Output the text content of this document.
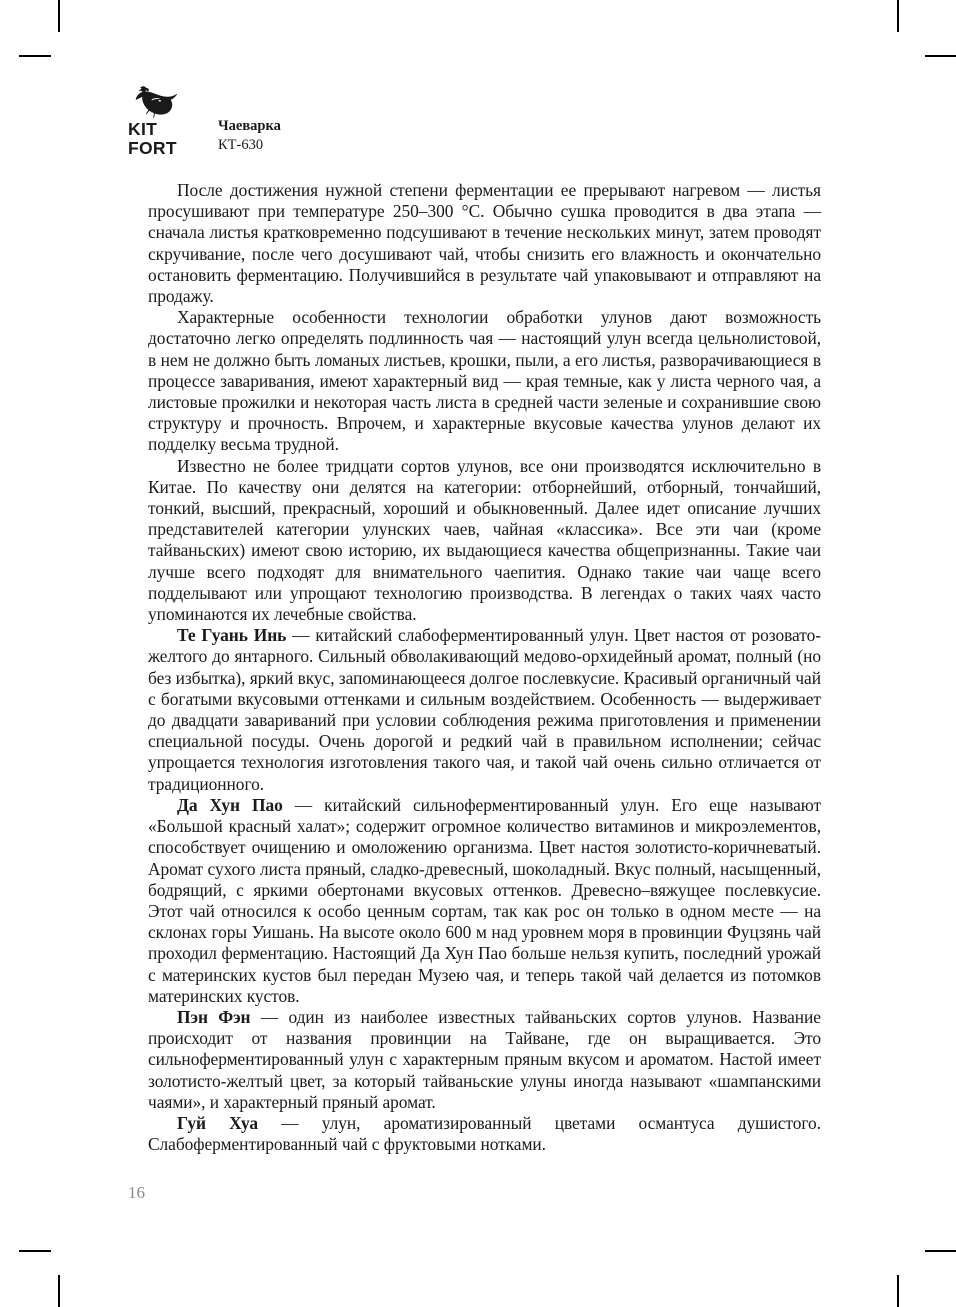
KIT
FORT
Чаеварка
КТ-630

После достижения нужной степени ферментации ее прерывают нагревом — листья просушивают при температуре 250–300 °C. Обычно сушка проводится в два этапа — сначала листья кратковременно подсушивают в течение нескольких минут, затем проводят скручивание, после чего досушивают чай, чтобы снизить его влажность и окончательно остановить ферментацию. Получившийся в результате чай упаковывают и отправляют на продажу.

Характерные особенности технологии обработки улунов дают возможность достаточно легко определять подлинность чая — настоящий улун всегда цельнолистовой, в нем не должно быть ломаных листьев, крошки, пыли, а его листья, разворачивающиеся в процессе заваривания, имеют характерный вид — края темные, как у листа черного чая, а листовые прожилки и некоторая часть листа в средней части зеленые и сохранившие свою структуру и прочность. Впрочем, и характерные вкусовые качества улунов делают их подделку весьма трудной.

Известно не более тридцати сортов улунов, все они производятся исключительно в Китае. По качеству они делятся на категории: отборнейший, отборный, тончайший, тонкий, высший, прекрасный, хороший и обыкновенный. Далее идет описание лучших представителей категории улунских чаев, чайная «классика». Все эти чаи (кроме тайваньских) имеют свою историю, их выдающиеся качества общепризнанны. Такие чаи лучше всего подходят для внимательного чаепития. Однако такие чаи чаще всего подделывают или упрощают технологию производства. В легендах о таких чаях часто упоминаются их лечебные свойства.

Те Гуань Инь — китайский слабоферментированный улун. Цвет настоя от розовато-желтого до янтарного. Сильный обволакивающий медово-орхидейный аромат, полный (но без избытка), яркий вкус, запоминающееся долгое послевкусие. Красивый органичный чай с богатыми вкусовыми оттенками и сильным воздействием. Особенность — выдерживает до двадцати завариваний при условии соблюдения режима приготовления и применении специальной посуды. Очень дорогой и редкий чай в правильном исполнении; сейчас упрощается технология изготовления такого чая, и такой чай очень сильно отличается от традиционного.

Да Хун Пао — китайский сильноферментированный улун. Его еще называют «Большой красный халат»; содержит огромное количество витаминов и микроэлементов, способствует очищению и омоложению организма. Цвет настоя золотисто-коричневатый. Аромат сухого листа пряный, сладко-древесный, шоколадный. Вкус полный, насыщенный, бодрящий, с яркими обертонами вкусовых оттенков. Древесно–вяжущее послевкусие. Этот чай относился к особо ценным сортам, так как рос он только в одном месте — на склонах горы Уишань. На высоте около 600 м над уровнем моря в провинции Фуцзянь чай проходил ферментацию. Настоящий Да Хун Пао больше нельзя купить, последний урожай с материнских кустов был передан Музею чая, и теперь такой чай делается из потомков материнских кустов.

Пэн Фэн — один из наиболее известных тайваньских сортов улунов. Название происходит от названия провинции на Тайване, где он выращивается. Это сильноферментированный улун с характерным пряным вкусом и ароматом. Настой имеет золотисто-желтый цвет, за который тайваньские улуны иногда называют «шампанскими чаями», и характерный пряный аромат.

Гуй Хуа — улун, ароматизированный цветами османтуса душистого. Слабоферментированный чай с фруктовыми нотками.

16
